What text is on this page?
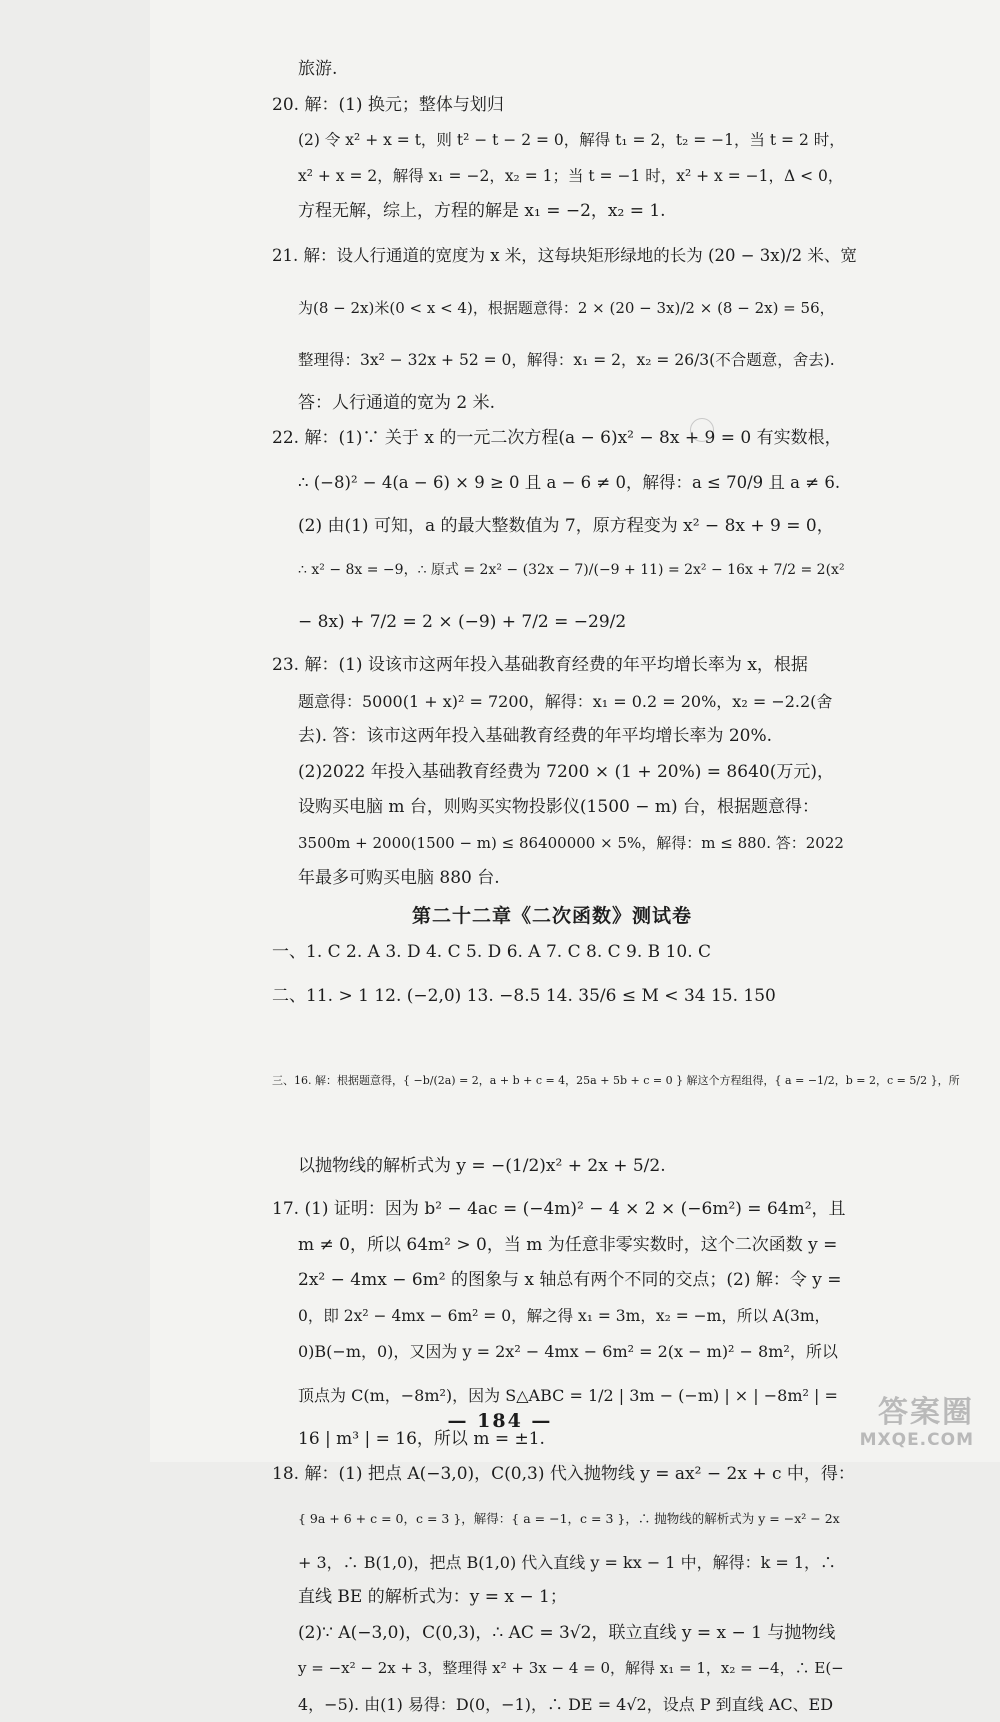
旅游.
20. 解：(1) 换元；整体与划归
(2) 令 x² + x = t，则 t² − t − 2 = 0，解得 t₁ = 2，t₂ = −1，当 t = 2 时，
x² + x = 2，解得 x₁ = −2，x₂ = 1；当 t = −1 时，x² + x = −1，Δ < 0，
方程无解，综上，方程的解是 x₁ = −2，x₂ = 1.
21. 解：设人行通道的宽度为 x 米，这每块矩形绿地的长为 (20 − 3x)/2 米、宽
为(8 − 2x)米(0 < x < 4)，根据题意得：2 × (20 − 3x)/2 × (8 − 2x) = 56，
整理得：3x² − 32x + 52 = 0，解得：x₁ = 2，x₂ = 26/3(不合题意，舍去).
答：人行通道的宽为 2 米.
22. 解：(1)∵ 关于 x 的一元二次方程(a − 6)x² − 8x + 9 = 0 有实数根，
∴ (−8)² − 4(a − 6) × 9 ≥ 0 且 a − 6 ≠ 0，解得：a ≤ 70/9 且 a ≠ 6.
(2) 由(1) 可知，a 的最大整数值为 7，原方程变为 x² − 8x + 9 = 0，
∴ x² − 8x = −9，∴ 原式 = 2x² − (32x − 7)/(−9 + 11) = 2x² − 16x + 7/2 = 2(x²
− 8x) + 7/2 = 2 × (−9) + 7/2 = −29/2
23. 解：(1) 设该市这两年投入基础教育经费的年平均增长率为 x，根据
题意得：5000(1 + x)² = 7200，解得：x₁ = 0.2 = 20%，x₂ = −2.2(舍
去). 答：该市这两年投入基础教育经费的年平均增长率为 20%.
(2)2022 年投入基础教育经费为 7200 × (1 + 20%) = 8640(万元)，
设购买电脑 m 台，则购买实物投影仪(1500 − m) 台，根据题意得：
3500m + 2000(1500 − m) ≤ 86400000 × 5%，解得：m ≤ 880. 答：2022
年最多可购买电脑 880 台.
第二十二章《二次函数》测试卷
一、1. C 2. A 3. D 4. C 5. D 6. A 7. C 8. C 9. B 10. C
二、11. > 1 12. (−2,0) 13. −8.5 14. 35/6 ≤ M < 34 15. 150
三、16. 解：根据题意得，{ −b/(2a) = 2，a + b + c = 4，25a + 5b + c = 0 } 解这个方程组得，{ a = −1/2，b = 2，c = 5/2 }，所
以抛物线的解析式为 y = −(1/2)x² + 2x + 5/2.
17. (1) 证明：因为 b² − 4ac = (−4m)² − 4 × 2 × (−6m²) = 64m²，且
m ≠ 0，所以 64m² > 0，当 m 为任意非零实数时，这个二次函数 y =
2x² − 4mx − 6m² 的图象与 x 轴总有两个不同的交点；(2) 解：令 y =
0，即 2x² − 4mx − 6m² = 0，解之得 x₁ = 3m，x₂ = −m，所以 A(3m，
0)B(−m，0)，又因为 y = 2x² − 4mx − 6m² = 2(x − m)² − 8m²，所以
顶点为 C(m，−8m²)，因为 S△ABC = 1/2 | 3m − (−m) | × | −8m² | =
16 | m³ | = 16，所以 m = ±1.
18. 解：(1) 把点 A(−3,0)，C(0,3) 代入抛物线 y = ax² − 2x + c 中，得：
{ 9a + 6 + c = 0，c = 3 }，解得：{ a = −1，c = 3 }，∴ 抛物线的解析式为 y = −x² − 2x
+ 3，∴ B(1,0)，把点 B(1,0) 代入直线 y = kx − 1 中，解得：k = 1，∴
直线 BE 的解析式为：y = x − 1；
(2)∵ A(−3,0)，C(0,3)，∴ AC = 3√2，联立直线 y = x − 1 与抛物线
y = −x² − 2x + 3，整理得 x² + 3x − 4 = 0，解得 x₁ = 1，x₂ = −4，∴ E(−
4，−5). 由(1) 易得：D(0，−1)，∴ DE = 4√2，设点 P 到直线 AC、ED
— 184 —	答案圈
MXQE.COM
